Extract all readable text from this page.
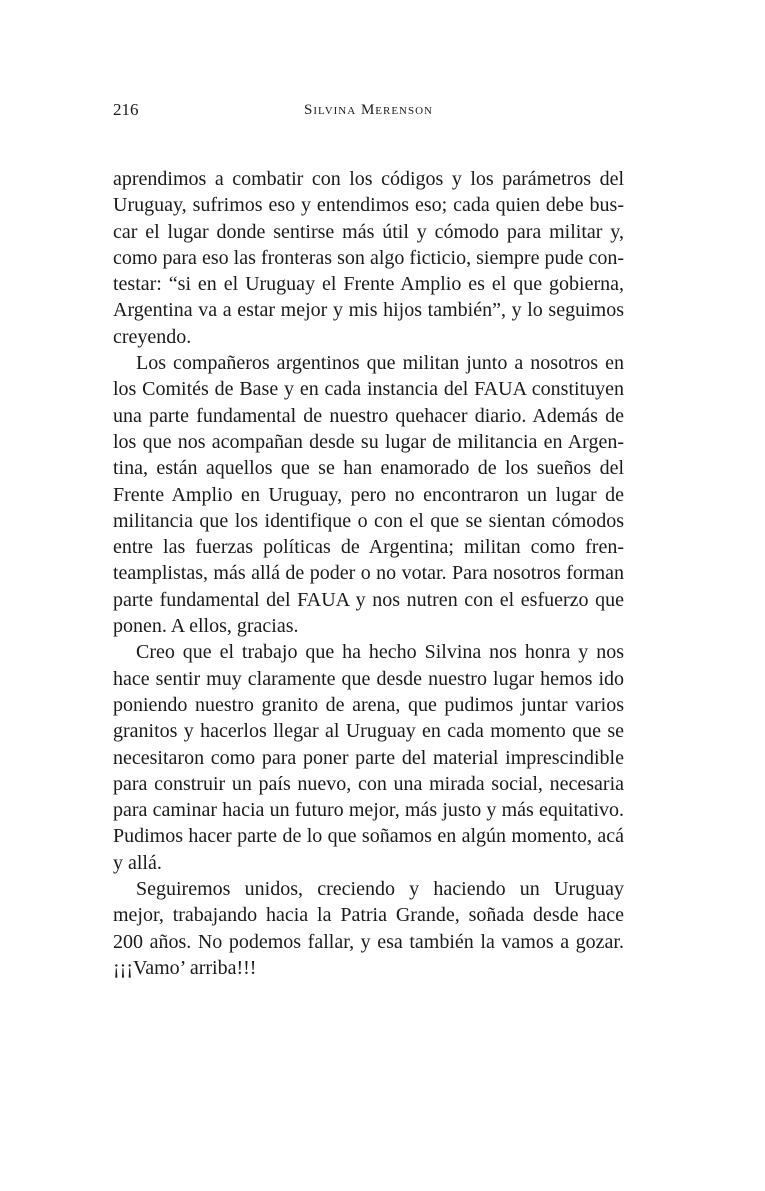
216	Silvina Merenson

aprendimos a combatir con los códigos y los parámetros del Uruguay, sufrimos eso y entendimos eso; cada quien debe buscar el lugar donde sentirse más útil y cómodo para militar y, como para eso las fronteras son algo ficticio, siempre pude contestar: “si en el Uruguay el Frente Amplio es el que gobierna, Argentina va a estar mejor y mis hijos también”, y lo seguimos creyendo.

Los compañeros argentinos que militan junto a nosotros en los Comités de Base y en cada instancia del FAUA constituyen una parte fundamental de nuestro quehacer diario. Además de los que nos acompañan desde su lugar de militancia en Argentina, están aquellos que se han enamorado de los sueños del Frente Amplio en Uruguay, pero no encontraron un lugar de militancia que los identifique o con el que se sientan cómodos entre las fuerzas políticas de Argentina; militan como frenteamplistas, más allá de poder o no votar. Para nosotros forman parte fundamental del FAUA y nos nutren con el esfuerzo que ponen. A ellos, gracias.

Creo que el trabajo que ha hecho Silvina nos honra y nos hace sentir muy claramente que desde nuestro lugar hemos ido poniendo nuestro granito de arena, que pudimos juntar varios granitos y hacerlos llegar al Uruguay en cada momento que se necesitaron como para poner parte del material imprescindible para construir un país nuevo, con una mirada social, necesaria para caminar hacia un futuro mejor, más justo y más equitativo. Pudimos hacer parte de lo que soñamos en algún momento, acá y allá.

Seguiremos unidos, creciendo y haciendo un Uruguay mejor, trabajando hacia la Patria Grande, soñada desde hace 200 años. No podemos fallar, y esa también la vamos a gozar. ¡¡¡Vamo’ arriba!!!
